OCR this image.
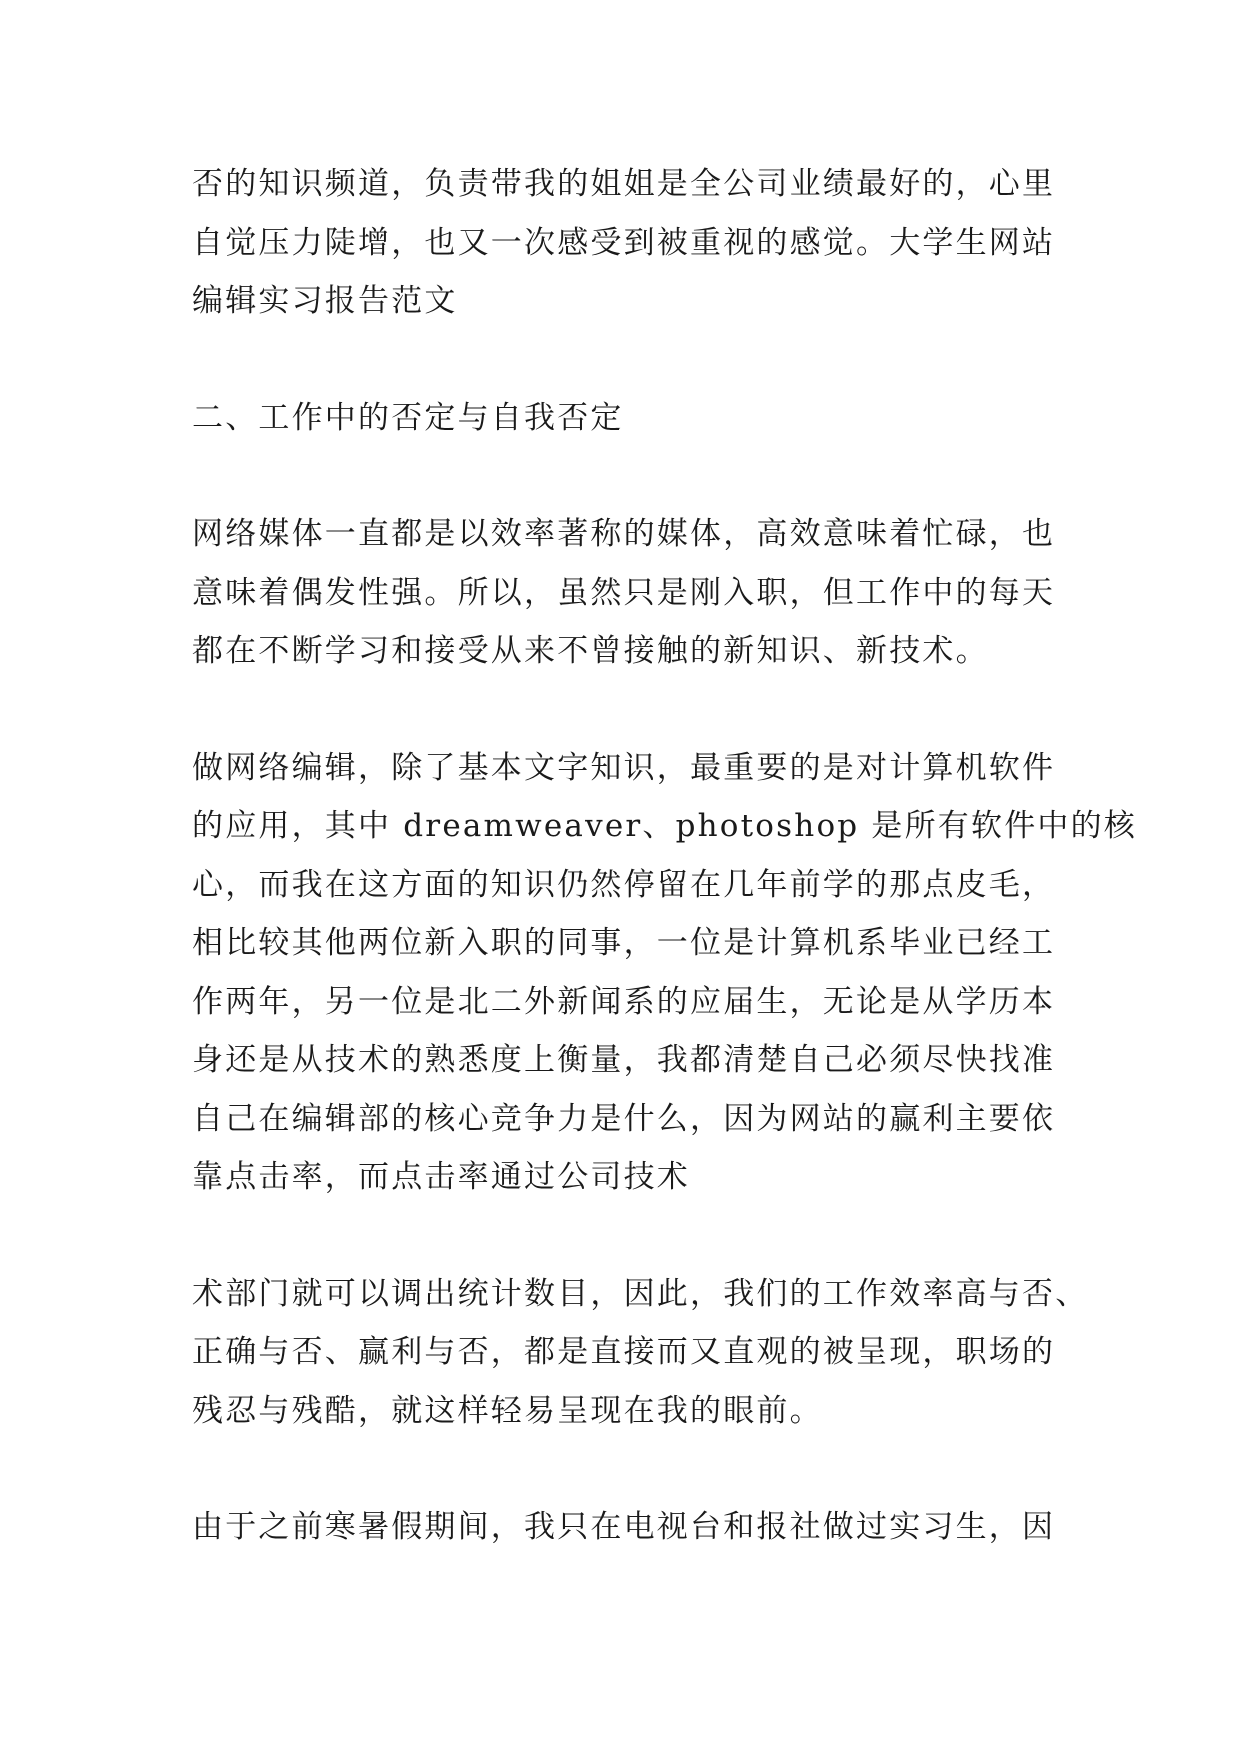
否的知识频道，负责带我的姐姐是全公司业绩最好的，心里
自觉压力陡增，也又一次感受到被重视的感觉。大学生网站
编辑实习报告范文
二、工作中的否定与自我否定
网络媒体一直都是以效率著称的媒体，高效意味着忙碌，也
意味着偶发性强。所以，虽然只是刚入职，但工作中的每天
都在不断学习和接受从来不曾接触的新知识、新技术。
做网络编辑，除了基本文字知识，最重要的是对计算机软件
的应用，其中 dreamweaver、photoshop 是所有软件中的核
心，而我在这方面的知识仍然停留在几年前学的那点皮毛，
相比较其他两位新入职的同事，一位是计算机系毕业已经工
作两年，另一位是北二外新闻系的应届生，无论是从学历本
身还是从技术的熟悉度上衡量，我都清楚自己必须尽快找准
自己在编辑部的核心竞争力是什么，因为网站的赢利主要依
靠点击率，而点击率通过公司技术
术部门就可以调出统计数目，因此，我们的工作效率高与否、
正确与否、赢利与否，都是直接而又直观的被呈现，职场的
残忍与残酷，就这样轻易呈现在我的眼前。
由于之前寒暑假期间，我只在电视台和报社做过实习生，因
